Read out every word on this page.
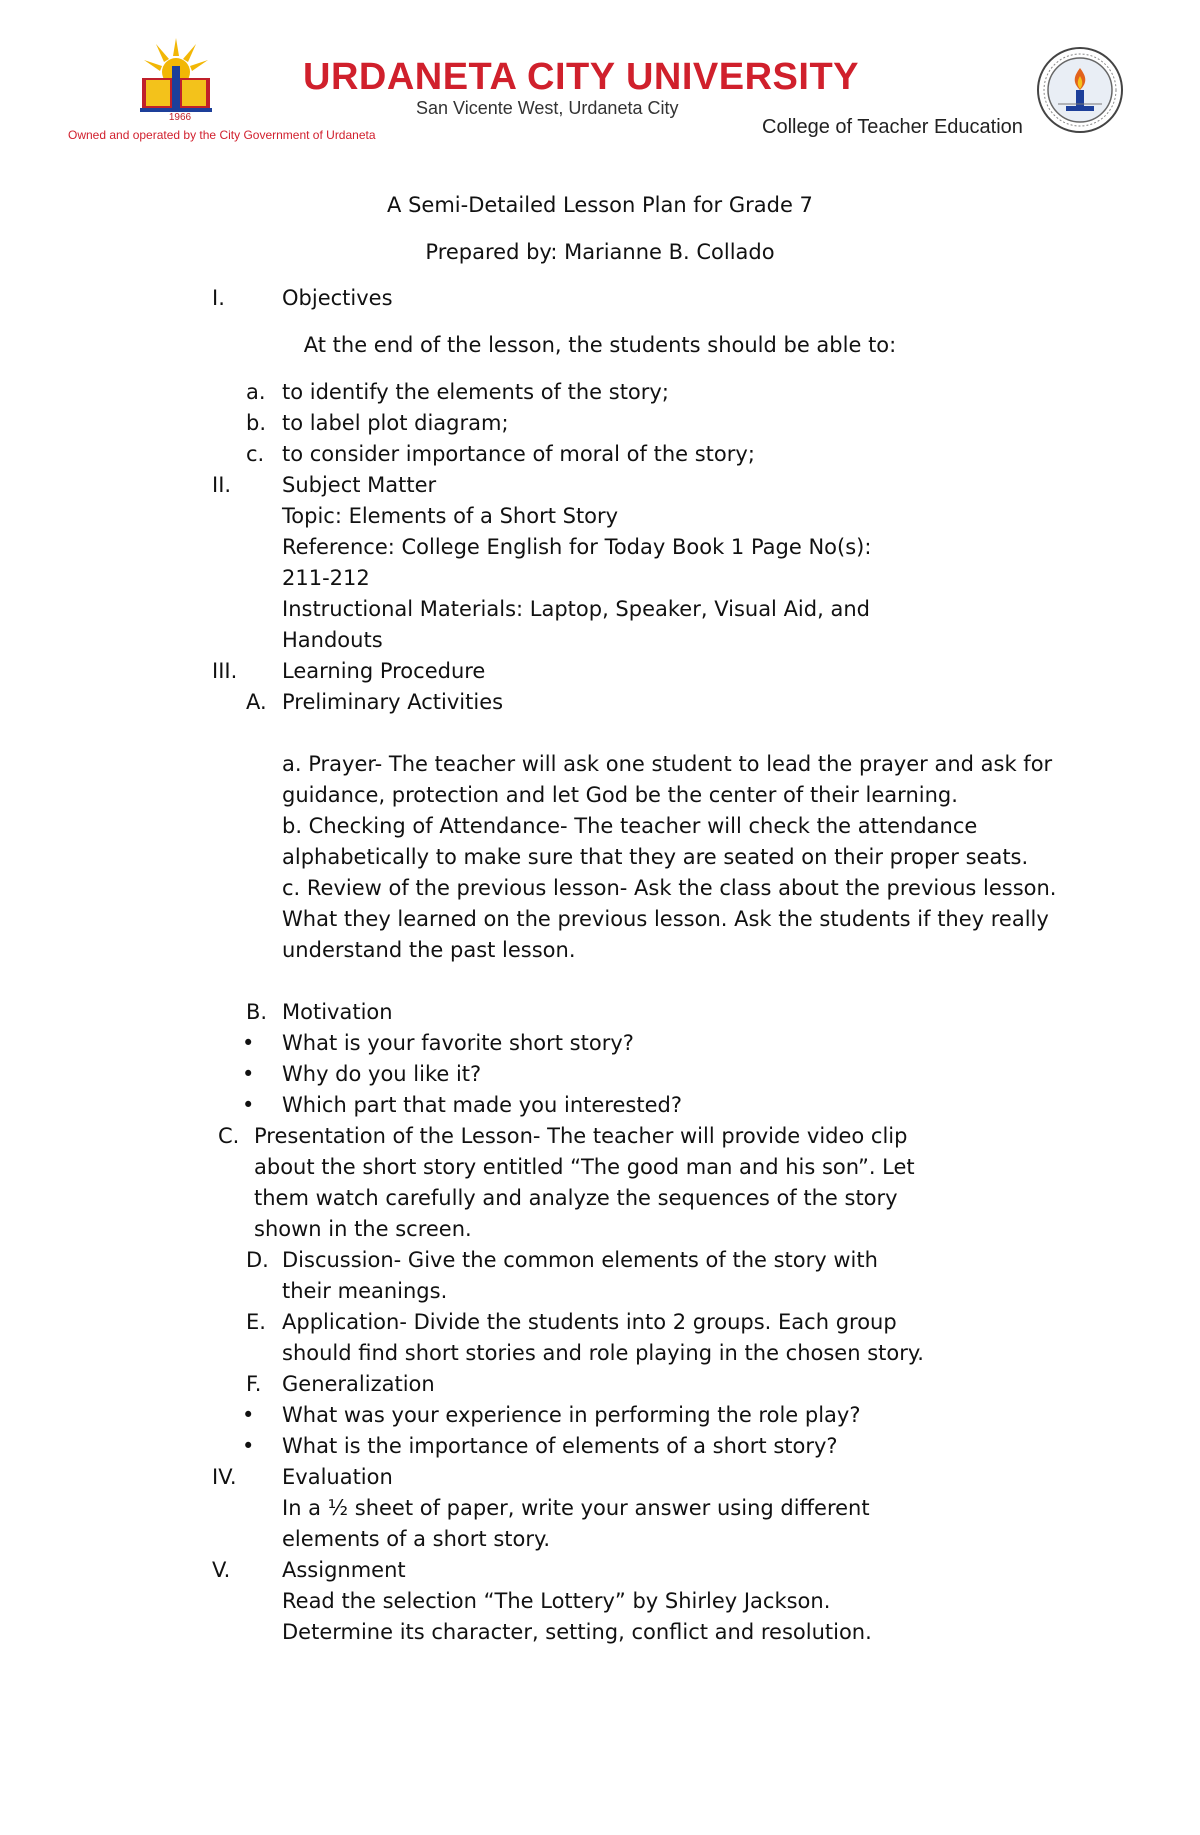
1966
Owned and operated by the City Government of Urdaneta
URDANETA CITY UNIVERSITY
San Vicente West, Urdaneta City
College of Teacher Education
A Semi-Detailed Lesson Plan for Grade 7
Prepared by: Marianne B. Collado
I.	Objectives
At the end of the lesson, the students should be able to:
a. to identify the elements of the story;
b. to label plot diagram;
c. to consider importance of moral of the story;
II. Subject Matter
Topic: Elements of a Short Story
Reference: College English for Today Book 1 Page No(s):
211-212
Instructional Materials: Laptop, Speaker, Visual Aid, and
Handouts
III. Learning Procedure
A. Preliminary Activities
a. Prayer- The teacher will ask one student to lead the prayer and ask for
guidance, protection and let God be the center of their learning.
b. Checking of Attendance- The teacher will check the attendance
alphabetically to make sure that they are seated on their proper seats.
c. Review of the previous lesson- Ask the class about the previous lesson.
What they learned on the previous lesson. Ask the students if they really
understand the past lesson.
B. Motivation
• What is your favorite short story?
• Why do you like it?
• Which part that made you interested?
C. Presentation of the Lesson- The teacher will provide video clip
about the short story entitled “The good man and his son”. Let
them watch carefully and analyze the sequences of the story
shown in the screen.
D. Discussion- Give the common elements of the story with
their meanings.
E. Application- Divide the students into 2 groups. Each group
should find short stories and role playing in the chosen story.
F. Generalization
• What was your experience in performing the role play?
• What is the importance of elements of a short story?
IV. Evaluation
In a ½ sheet of paper, write your answer using different
elements of a short story.
V. Assignment
Read the selection “The Lottery” by Shirley Jackson.
Determine its character, setting, conflict and resolution.
